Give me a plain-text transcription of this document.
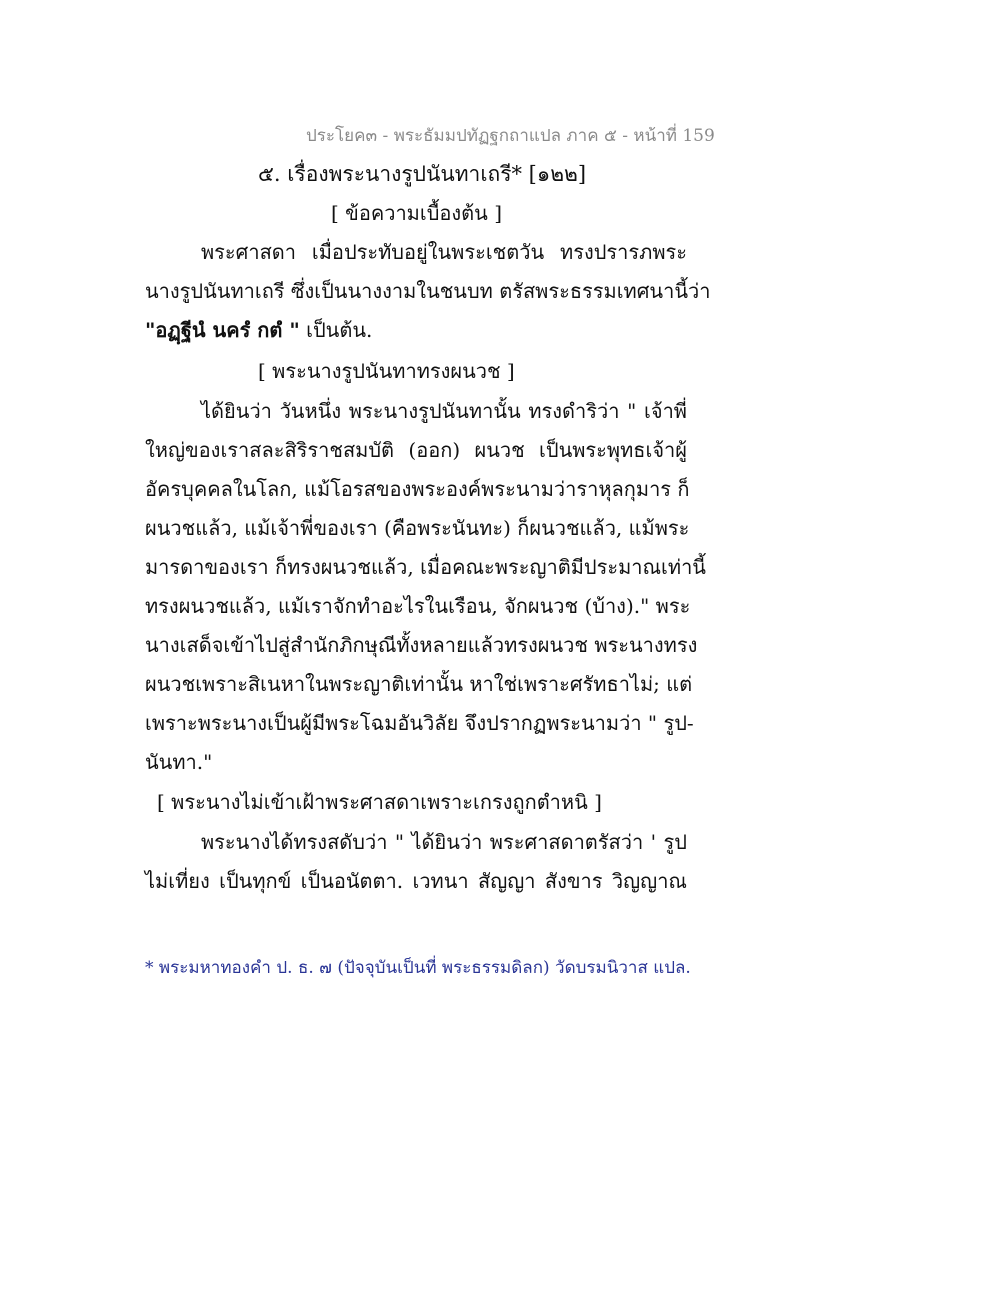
ประโยค๓ - พระธัมมปทัฏฐกถาแปล ภาค ๕ - หน้าที่ 159
๕. เรื่องพระนางรูปนันทาเถรี* [๑๒๒]
[ ข้อความเบื้องต้น ]
พระศาสดา เมื่อประทับอยู่ในพระเชตวัน ทรงปรารภพระ
นางรูปนันทาเถรี ซึ่งเป็นนางงามในชนบท ตรัสพระธรรมเทศนานี้ว่า
"อฏฺฐีนํ นครํ กตํ " เป็นต้น.
[ พระนางรูปนันทาทรงผนวช ]
ได้ยินว่า วันหนึ่ง พระนางรูปนันทานั้น ทรงดำริว่า " เจ้าพี่
ใหญ่ของเราสละสิริราชสมบัติ (ออก) ผนวช เป็นพระพุทธเจ้าผู้
อัครบุคคลในโลก, แม้โอรสของพระองค์พระนามว่าราหุลกุมาร ก็
ผนวชแล้ว, แม้เจ้าพี่ของเรา (คือพระนันทะ) ก็ผนวชแล้ว, แม้พระ
มารดาของเรา ก็ทรงผนวชแล้ว, เมื่อคณะพระญาติมีประมาณเท่านี้
ทรงผนวชแล้ว, แม้เราจักทำอะไรในเรือน, จักผนวช (บ้าง)." พระ
นางเสด็จเข้าไปสู่สำนักภิกษุณีทั้งหลายแล้วทรงผนวช พระนางทรง
ผนวชเพราะสิเนหาในพระญาติเท่านั้น หาใช่เพราะศรัทธาไม่; แต่
เพราะพระนางเป็นผู้มีพระโฉมอันวิลัย จึงปรากฏพระนามว่า " รูป-
นันทา."
[ พระนางไม่เข้าเฝ้าพระศาสดาเพราะเกรงถูกตำหนิ ]
พระนางได้ทรงสดับว่า " ได้ยินว่า พระศาสดาตรัสว่า ' รูป
ไม่เที่ยง เป็นทุกข์ เป็นอนัตตา. เวทนา สัญญา สังขาร วิญญาณ
* พระมหาทองคำ ป. ธ. ๗ (ปัจจุบันเป็นที่ พระธรรมดิลก) วัดบรมนิวาส แปล.
